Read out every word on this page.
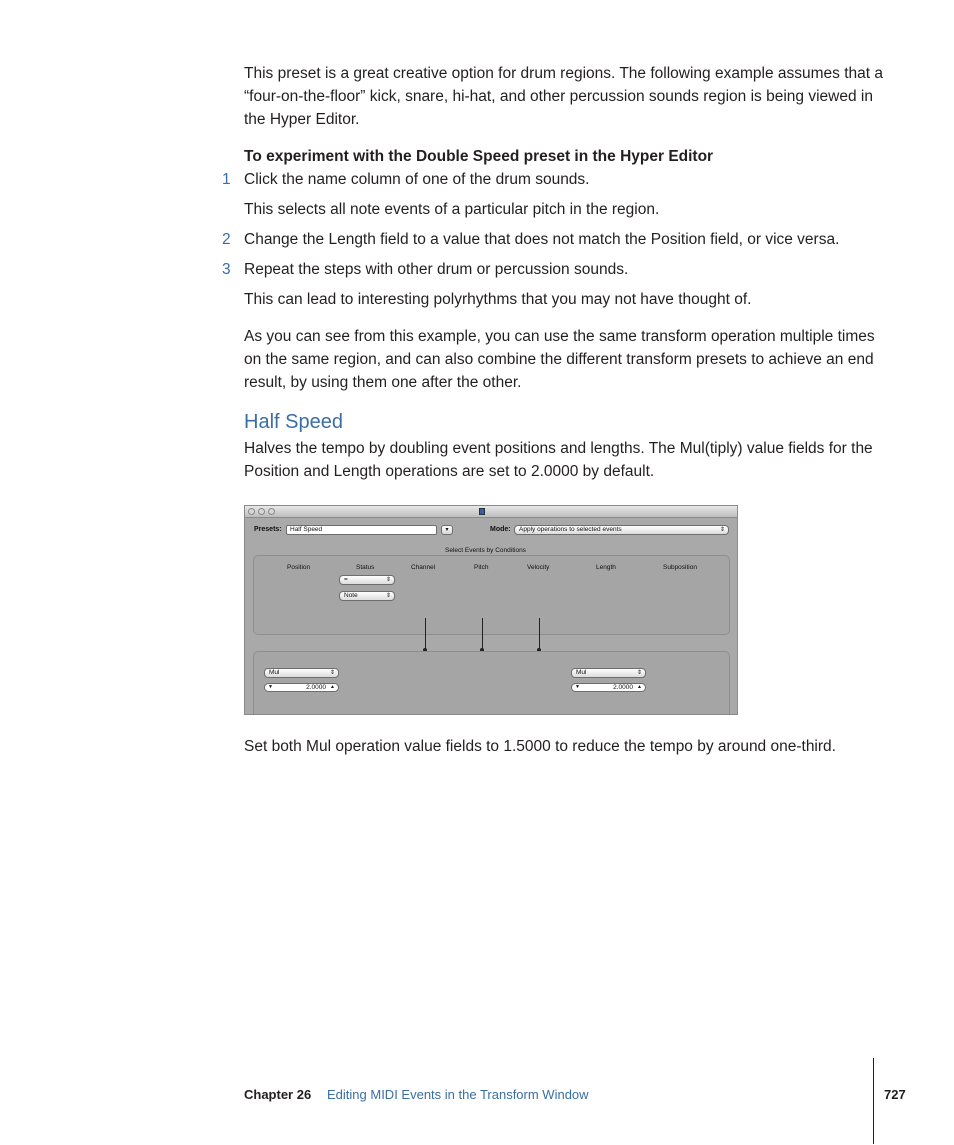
This preset is a great creative option for drum regions. The following example assumes that a “four-on-the-floor” kick, snare, hi-hat, and other percussion sounds region is being viewed in the Hyper Editor.

To experiment with the Double Speed preset in the Hyper Editor

1 Click the name column of one of the drum sounds.

This selects all note events of a particular pitch in the region.

2 Change the Length field to a value that does not match the Position field, or vice versa.

3 Repeat the steps with other drum or percussion sounds.

This can lead to interesting polyrhythms that you may not have thought of.

As you can see from this example, you can use the same transform operation multiple times on the same region, and can also combine the different transform presets to achieve an end result, by using them one after the other.

Half Speed

Halves the tempo by doubling event positions and lengths. The Mul(tiply) value fields for the Position and Length operations are set to 2.0000 by default.

Presets:	Half Speed	▾	Mode:	Apply operations to selected events	⇕
Select Events by Conditions
Position	Status	Channel	Pitch	Velocity	Length	Subposition
=	⇕
Note	⇕
Mul	⇕
▼	2.0000 ▲
Mul	⇕
▼	2.0000 ▲

Set both Mul operation value fields to 1.5000 to reduce the tempo by around one-third.

Chapter 26 Editing MIDI Events in the Transform Window	727
